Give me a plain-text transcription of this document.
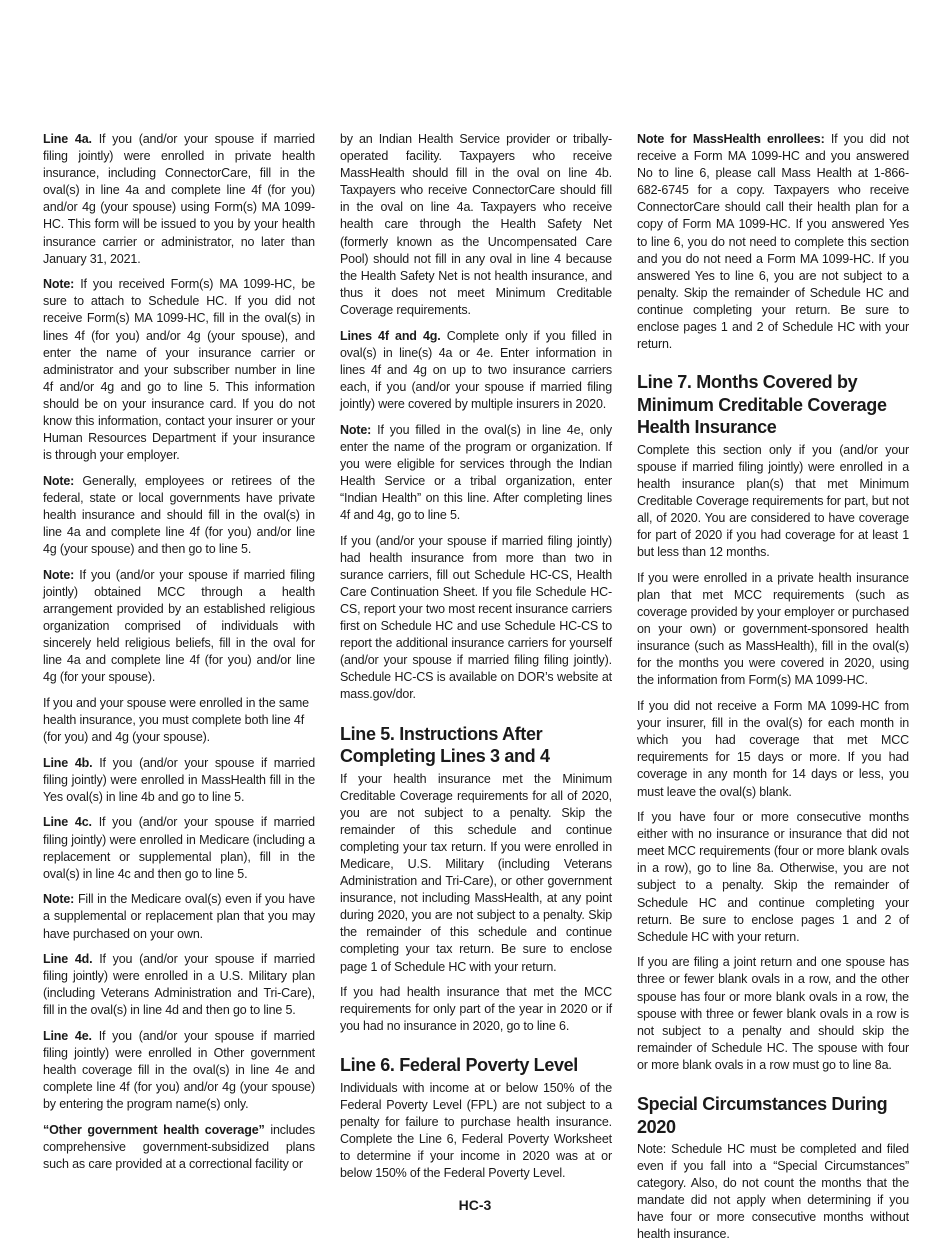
Line 4a. If you (and/or your spouse if married filing jointly) were enrolled in private health insurance, including ConnectorCare, fill in the oval(s) in line 4a and complete line 4f (for you) and/or 4g (your spouse) using Form(s) MA 1099-HC. This form will be issued to you by your health insurance carrier or administrator, no later than January 31, 2021.

Note: If you received Form(s) MA 1099-HC, be sure to attach to Schedule HC. If you did not receive Form(s) MA 1099-HC, fill in the oval(s) in lines 4f (for you) and/or 4g (your spouse), and enter the name of your insurance carrier or administrator and your subscriber number in line 4f and/or 4g and go to line 5. This information should be on your insurance card. If you do not know this information, contact your insurer or your Human Resources Department if your insurance is through your employer.

Note: Generally, employees or retirees of the federal, state or local governments have private health insurance and should fill in the oval(s) in line 4a and complete line 4f (for you) and/or line 4g (your spouse) and then go to line 5.

Note: If you (and/or your spouse if married filing jointly) obtained MCC through a health arrangement provided by an established religious organization comprised of individuals with sincerely held religious beliefs, fill in the oval for line 4a and complete line 4f (for you) and/or line 4g (for your spouse).

If you and your spouse were enrolled in the same health insurance, you must complete both line 4f (for you) and 4g (your spouse).

Line 4b. If you (and/or your spouse if married filing jointly) were enrolled in MassHealth fill in the Yes oval(s) in line 4b and go to line 5.

Line 4c. If you (and/or your spouse if married filing jointly) were enrolled in Medicare (including a replacement or supplemental plan), fill in the oval(s) in line 4c and then go to line 5.

Note: Fill in the Medicare oval(s) even if you have a supplemental or replacement plan that you may have purchased on your own.

Line 4d. If you (and/or your spouse if married filing jointly) were enrolled in a U.S. Military plan (including Veterans Administration and Tri-Care), fill in the oval(s) in line 4d and then go to line 5.

Line 4e. If you (and/or your spouse if married filing jointly) were enrolled in Other government health coverage fill in the oval(s) in line 4e and complete line 4f (for you) and/or 4g (your spouse) by entering the program name(s) only.

“Other government health coverage” includes comprehensive government-subsidized plans such as care provided at a correctional facility or

by an Indian Health Service provider or tribally-operated facility. Taxpayers who receive MassHealth should fill in the oval on line 4b. Taxpayers who receive ConnectorCare should fill in the oval on line 4a. Taxpayers who receive health care through the Health Safety Net (formerly known as the Uncompensated Care Pool) should not fill in any oval in line 4 because the Health Safety Net is not health insurance, and thus it does not meet Minimum Creditable Coverage requirements.

Lines 4f and 4g. Complete only if you filled in oval(s) in line(s) 4a or 4e. Enter information in lines 4f and 4g on up to two insurance carriers each, if you (and/or your spouse if married filing jointly) were covered by multiple insurers in 2020.

Note: If you filled in the oval(s) in line 4e, only enter the name of the program or organization. If you were eligible for services through the Indian Health Service or a tribal organization, enter “Indian Health” on this line. After completing lines 4f and 4g, go to line 5.

If you (and/or your spouse if married filing jointly) had health insurance from more than two in surance carriers, fill out Schedule HC-CS, Health Care Continuation Sheet. If you file Schedule HC-CS, report your two most recent insurance carriers first on Schedule HC and use Schedule HC-CS to report the additional insurance carriers for yourself (and/or your spouse if married filing filing jointly). Schedule HC-CS is available on DOR’s website at mass.gov/dor.

Line 5. Instructions After Completing Lines 3 and 4

If your health insurance met the Minimum Creditable Coverage requirements for all of 2020, you are not subject to a penalty. Skip the remainder of this schedule and continue completing your tax return. If you were enrolled in Medicare, U.S. Military (including Veterans Administration and Tri-Care), or other government insurance, not including MassHealth, at any point during 2020, you are not subject to a penalty. Skip the remainder of this schedule and continue completing your tax return. Be sure to enclose page 1 of Schedule HC with your return.

If you had health insurance that met the MCC requirements for only part of the year in 2020 or if you had no insurance in 2020, go to line 6.

Line 6. Federal Poverty Level

Individuals with income at or below 150% of the Federal Poverty Level (FPL) are not subject to a penalty for failure to purchase health insurance. Complete the Line 6, Federal Poverty Worksheet to determine if your income in 2020 was at or below 150% of the Federal Poverty Level.

Note for MassHealth enrollees: If you did not receive a Form MA 1099-HC and you answered No to line 6, please call Mass Health at 1-866-682-6745 for a copy. Taxpayers who receive ConnectorCare should call their health plan for a copy of Form MA 1099-HC. If you answered Yes to line 6, you do not need to complete this section and you do not need a Form MA 1099-HC. If you answered Yes to line 6, you are not subject to a penalty. Skip the remainder of Schedule HC and continue completing your return. Be sure to enclose pages 1 and 2 of Schedule HC with your return.

Line 7. Months Covered by Minimum Creditable Coverage Health Insurance

Complete this section only if you (and/or your spouse if married filing jointly) were enrolled in a health insurance plan(s) that met Minimum Creditable Coverage requirements for part, but not all, of 2020. You are considered to have coverage for part of 2020 if you had coverage for at least 1 but less than 12 months.

If you were enrolled in a private health insurance plan that met MCC requirements (such as coverage provided by your employer or purchased on your own) or government-sponsored health insurance (such as MassHealth), fill in the oval(s) for the months you were covered in 2020, using the information from Form(s) MA 1099-HC.

If you did not receive a Form MA 1099-HC from your insurer, fill in the oval(s) for each month in which you had coverage that met MCC requirements for 15 days or more. If you had coverage in any month for 14 days or less, you must leave the oval(s) blank.

If you have four or more consecutive months either with no insurance or insurance that did not meet MCC requirements (four or more blank ovals in a row), go to line 8a. Otherwise, you are not subject to a penalty. Skip the remainder of Schedule HC and continue completing your return. Be sure to enclose pages 1 and 2 of Schedule HC with your return.

If you are filing a joint return and one spouse has three or fewer blank ovals in a row, and the other spouse has four or more blank ovals in a row, the spouse with three or fewer blank ovals in a row is not subject to a penalty and should skip the remainder of Schedule HC. The spouse with four or more blank ovals in a row must go to line 8a.

Special Circumstances During 2020

Note: Schedule HC must be completed and filed even if you fall into a “Special Circumstances” category. Also, do not count the months that the mandate did not apply when determining if you have four or more consecutive months without health insurance.

HC-3
